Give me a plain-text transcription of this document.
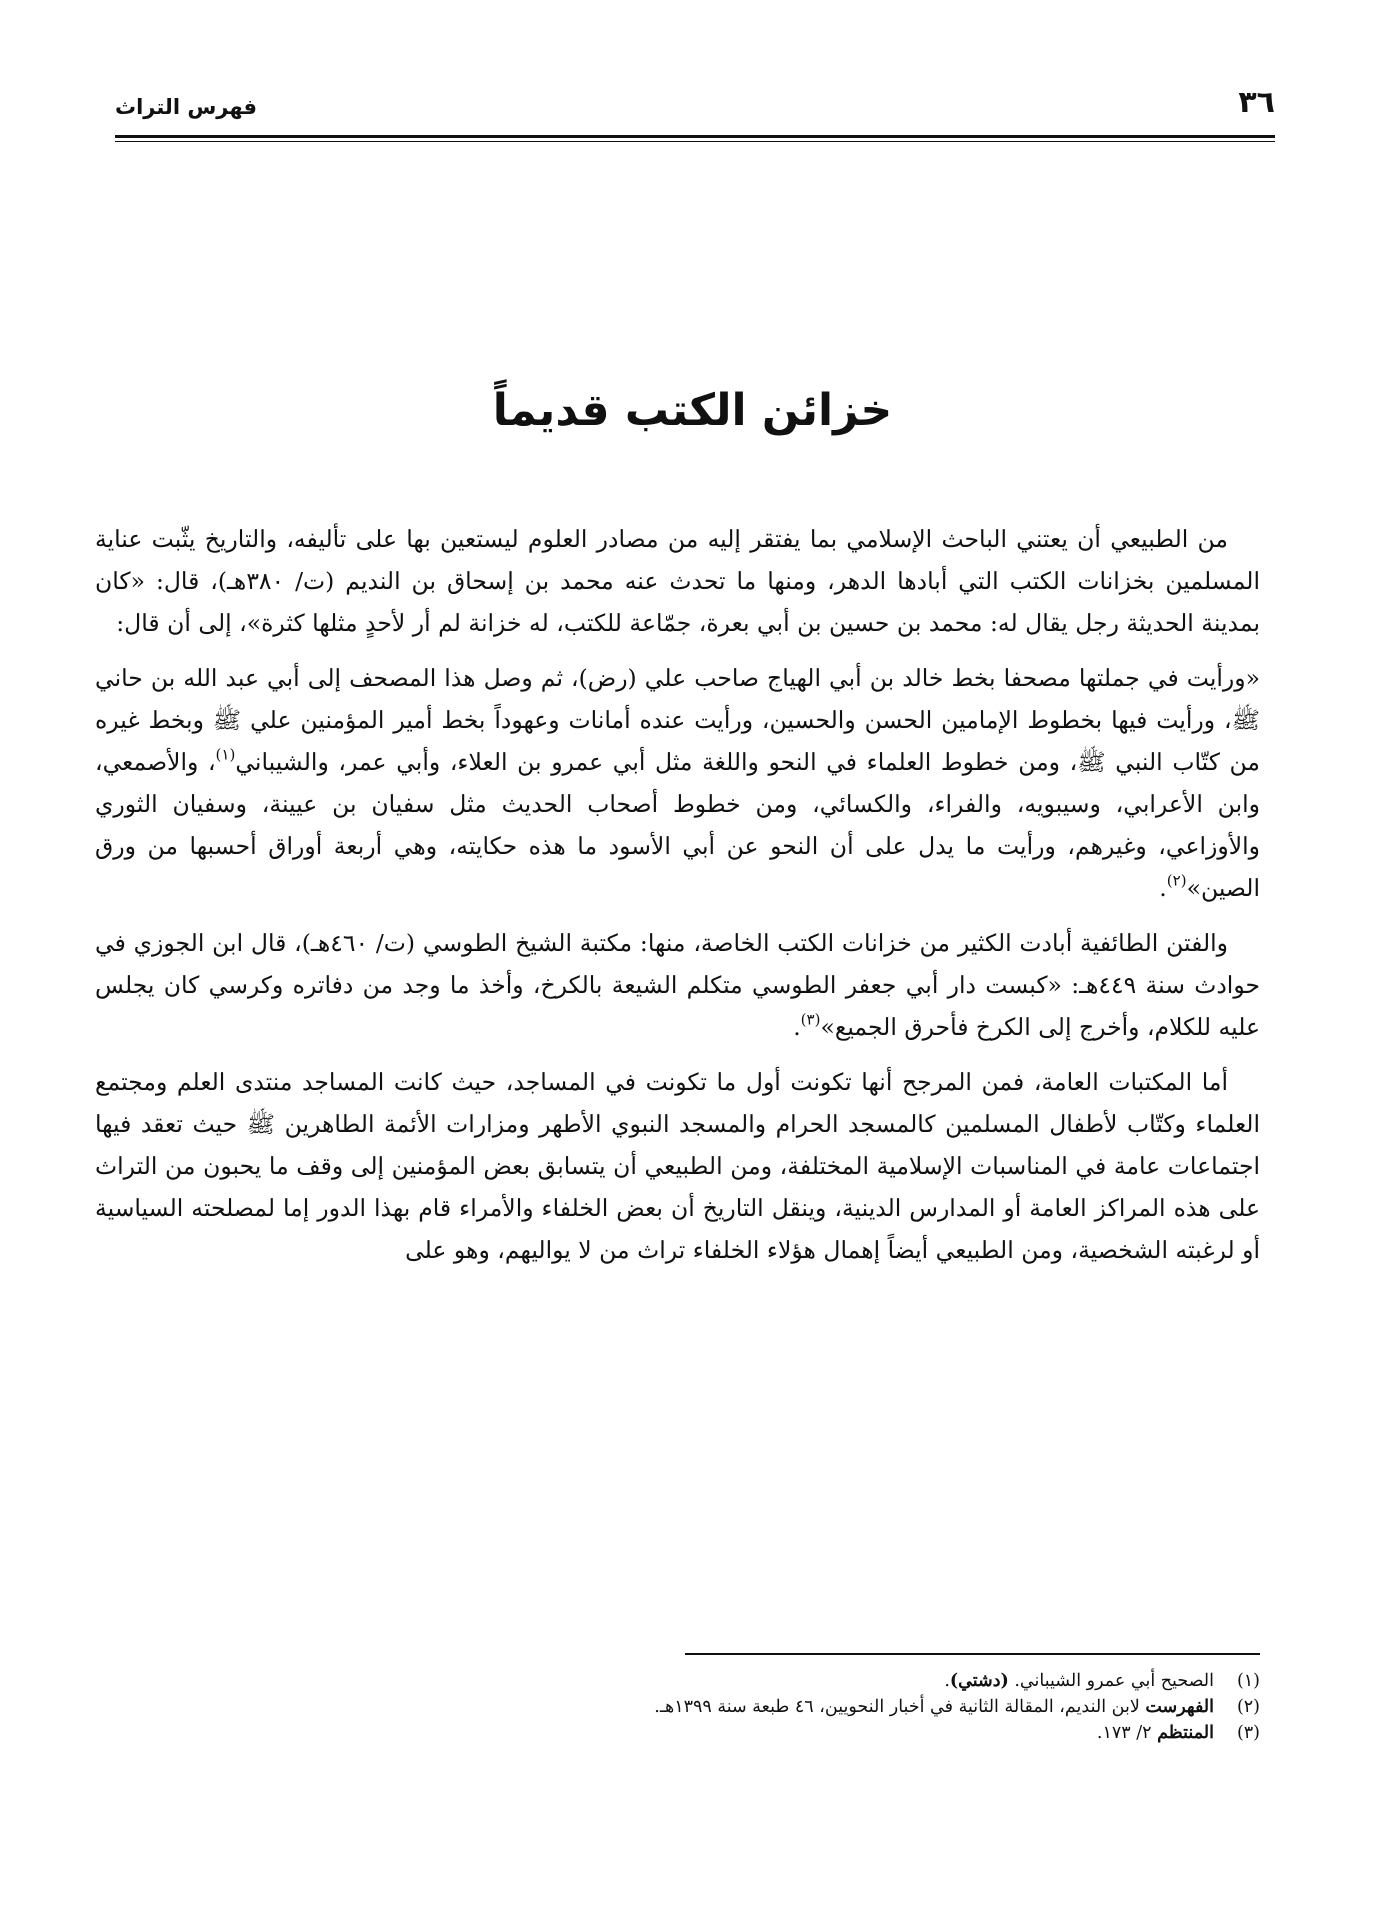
٣٦
فهرس التراث
خزائن الكتب قديماً

من الطبيعي أن يعتني الباحث الإسلامي بما يفتقر إليه من مصادر العلوم ليستعين بها على تأليفه، والتاريخ يثّبت عناية المسلمين بخزانات الكتب التي أبادها الدهر، ومنها ما تحدث عنه محمد بن إسحاق بن النديم (ت/ ٣٨٠هـ)، قال: «كان بمدينة الحديثة رجل يقال له: محمد بن حسين بن أبي بعرة، جمّاعة للكتب، له خزانة لم أر لأحدٍ مثلها كثرة»، إلى أن قال:

«ورأيت في جملتها مصحفا بخط خالد بن أبي الهياج صاحب علي (رض)، ثم وصل هذا المصحف إلى أبي عبد الله بن حاني ﷺ، ورأيت فيها بخطوط الإمامين الحسن والحسين، ورأيت عنده أمانات وعهوداً بخط أمير المؤمنين علي ﷺ وبخط غيره من كتّاب النبي ﷺ، ومن خطوط العلماء في النحو واللغة مثل أبي عمرو بن العلاء، وأبي عمر، والشيباني$^{(١)}$، والأصمعي، وابن الأعرابي، وسيبويه، والفراء، والكسائي، ومن خطوط أصحاب الحديث مثل سفيان بن عيينة، وسفيان الثوري والأوزاعي، وغيرهم، ورأيت ما يدل على أن النحو عن أبي الأسود ما هذه حكايته، وهي أربعة أوراق أحسبها من ورق الصين»$^{(٢)}$.

والفتن الطائفية أبادت الكثير من خزانات الكتب الخاصة، منها: مكتبة الشيخ الطوسي (ت/ ٤٦٠هـ)، قال ابن الجوزي في حوادث سنة ٤٤٩هـ: «كبست دار أبي جعفر الطوسي متكلم الشيعة بالكرخ، وأخذ ما وجد من دفاتره وكرسي كان يجلس عليه للكلام، وأخرج إلى الكرخ فأحرق الجميع»$^{(٣)}$.

أما المكتبات العامة، فمن المرجح أنها تكونت أول ما تكونت في المساجد، حيث كانت المساجد منتدى العلم ومجتمع العلماء وكتّاب لأطفال المسلمين كالمسجد الحرام والمسجد النبوي الأطهر ومزارات الأئمة الطاهرين ﷺ حيث تعقد فيها اجتماعات عامة في المناسبات الإسلامية المختلفة، ومن الطبيعي أن يتسابق بعض المؤمنين إلى وقف ما يحبون من التراث على هذه المراكز العامة أو المدارس الدينية، وينقل التاريخ أن بعض الخلفاء والأمراء قام بهذا الدور إما لمصلحته السياسية أو لرغبته الشخصية، ومن الطبيعي أيضاً إهمال هؤلاء الخلفاء تراث من لا يواليهم، وهو على

(١)
الصحيح أبي عمرو الشيباني. (دشتي).
(٢)
الفهرست لابن النديم، المقالة الثانية في أخبار النحويين، ٤٦ طبعة سنة ١٣٩٩هـ.
(٣)
المنتظم ٢/ ١٧٣.
